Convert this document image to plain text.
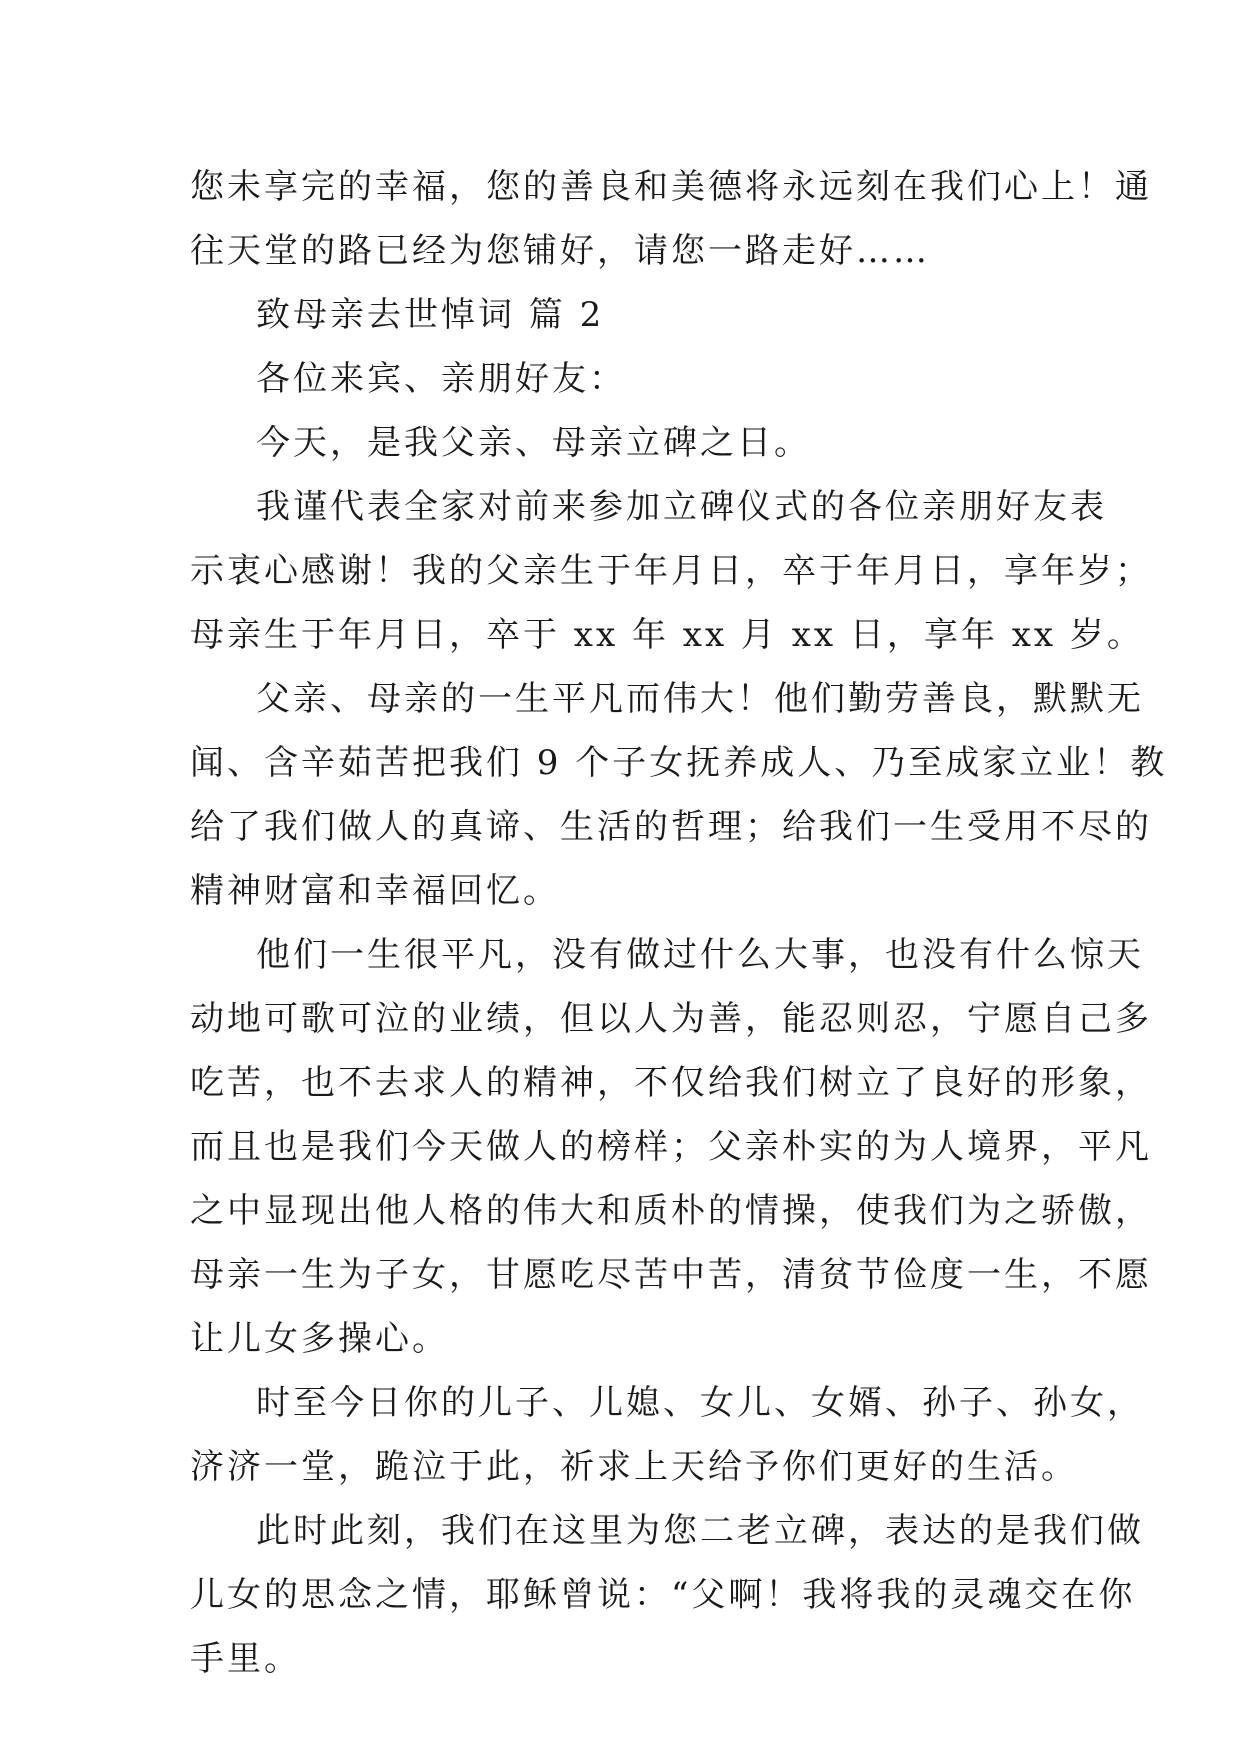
您未享完的幸福，您的善良和美德将永远刻在我们心上！通
往天堂的路已经为您铺好，请您一路走好……
致母亲去世悼词 篇 2
各位来宾、亲朋好友：
今天，是我父亲、母亲立碑之日。
我谨代表全家对前来参加立碑仪式的各位亲朋好友表
示衷心感谢！我的父亲生于年月日，卒于年月日，享年岁；
母亲生于年月日，卒于 xx 年 xx 月 xx 日，享年 xx 岁。
父亲、母亲的一生平凡而伟大！他们勤劳善良，默默无
闻、含辛茹苦把我们 9 个子女抚养成人、乃至成家立业！教
给了我们做人的真谛、生活的哲理；给我们一生受用不尽的
精神财富和幸福回忆。
他们一生很平凡，没有做过什么大事，也没有什么惊天
动地可歌可泣的业绩，但以人为善，能忍则忍，宁愿自己多
吃苦，也不去求人的精神，不仅给我们树立了良好的形象，
而且也是我们今天做人的榜样；父亲朴实的为人境界，平凡
之中显现出他人格的伟大和质朴的情操，使我们为之骄傲，
母亲一生为子女，甘愿吃尽苦中苦，清贫节俭度一生，不愿
让儿女多操心。
时至今日你的儿子、儿媳、女儿、女婿、孙子、孙女，
济济一堂，跪泣于此，祈求上天给予你们更好的生活。
此时此刻，我们在这里为您二老立碑，表达的是我们做
儿女的思念之情，耶稣曾说：“父啊！我将我的灵魂交在你
手里。
